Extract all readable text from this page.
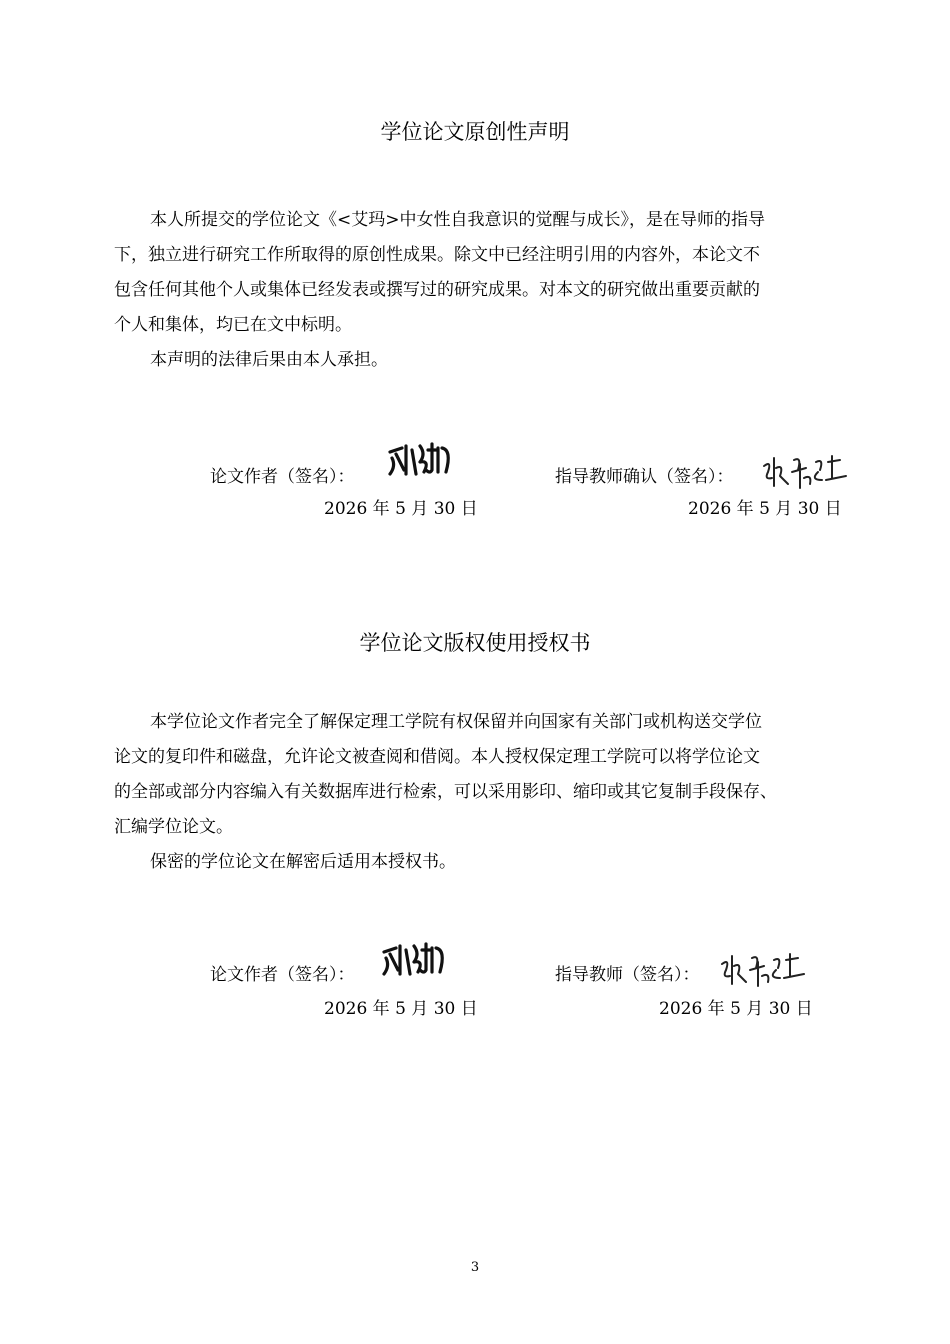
学位论文原创性声明
本人所提交的学位论文《<艾玛>中女性自我意识的觉醒与成长》，是在导师的指导
下，独立进行研究工作所取得的原创性成果。除文中已经注明引用的内容外，本论文不
包含任何其他个人或集体已经发表或撰写过的研究成果。对本文的研究做出重要贡献的
个人和集体，均已在文中标明。
本声明的法律后果由本人承担。
论文作者（签名）：
2026 年 5 月 30 日
指导教师确认（签名）：
2026 年 5 月 30 日
学位论文版权使用授权书
本学位论文作者完全了解保定理工学院有权保留并向国家有关部门或机构送交学位
论文的复印件和磁盘，允许论文被查阅和借阅。本人授权保定理工学院可以将学位论文
的全部或部分内容编入有关数据库进行检索，可以采用影印、缩印或其它复制手段保存、
汇编学位论文。
保密的学位论文在解密后适用本授权书。
论文作者（签名）：
2026 年 5 月 30 日
指导教师（签名）：
2026 年 5 月 30 日
3
